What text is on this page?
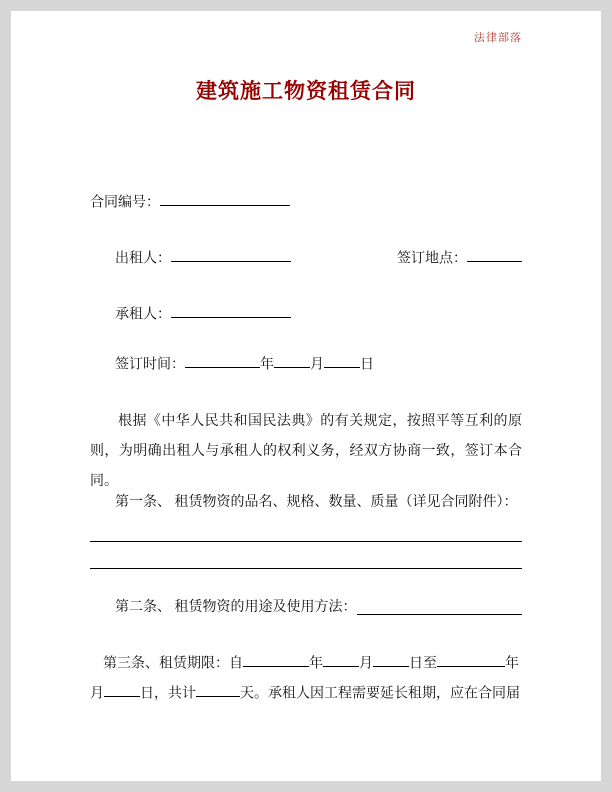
法律部落
建筑施工物资租赁合同
合同编号：
出租人：	签订地点：
承租人：
签订时间：	年	月	日
根据《中华人民共和国民法典》的有关规定，按照平等互利的原则，为明确出租人与承租人的权利义务，经双方协商一致，签订本合同。
第一条、 租赁物资的品名、规格、数量、质量（详见合同附件）：
第二条、 租赁物资的用途及使用方法：
第三条、租赁期限：自	年	月	日至	年
月	日，共计	天。承租人因工程需要延长租期，应在合同届
